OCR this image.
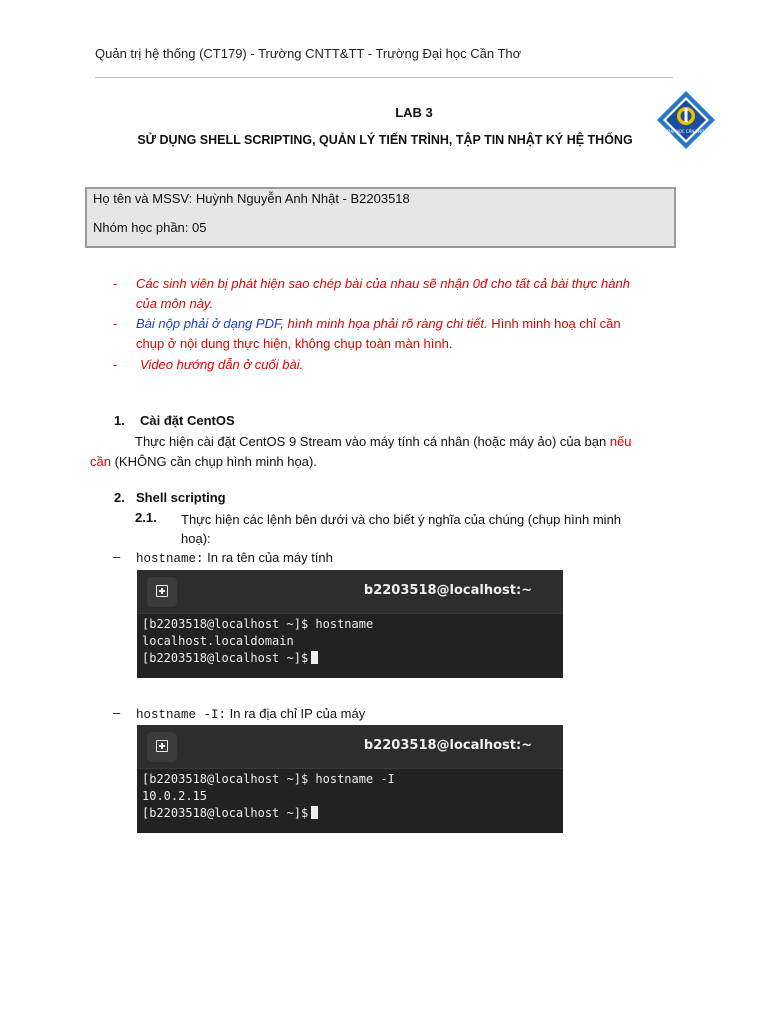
Quản trị hệ thống (CT179) - Trường CNTT&TT - Trường Đại học Cần Thơ
LAB 3
SỬ DỤNG SHELL SCRIPTING, QUẢN LÝ TIẾN TRÌNH, TẬP TIN NHẬT KÝ HỆ THỐNG
ĐẠI HỌC CẦN THƠ
Họ tên và MSSV: Huỳnh Nguyễn Anh Nhật - B2203518
Nhóm học phần: 05
- Các sinh viên bị phát hiện sao chép bài của nhau sẽ nhận 0đ cho tất cả bài thực hành
của môn này.
- Bài nộp phải ở dạng PDF, hình minh họa phải rõ ràng chi tiết. Hình minh hoạ chỉ cần
chụp ở nội dung thực hiện, không chụp toàn màn hình.
- Video hướng dẫn ở cuối bài.
1. Cài đặt CentOS
Thực hiện cài đặt CentOS 9 Stream vào máy tính cá nhân (hoặc máy ảo) của bạn nếu
cần (KHÔNG cần chụp hình minh họa).
2. Shell scripting
2.1. Thực hiện các lệnh bên dưới và cho biết ý nghĩa của chúng (chụp hình minh
hoạ):
– hostname: In ra tên của máy tính
b2203518@localhost:~
[b2203518@localhost ~]$ hostname
localhost.localdomain
[b2203518@localhost ~]$
– hostname -I: In ra địa chỉ IP của máy
b2203518@localhost:~
[b2203518@localhost ~]$ hostname -I
10.0.2.15
[b2203518@localhost ~]$
